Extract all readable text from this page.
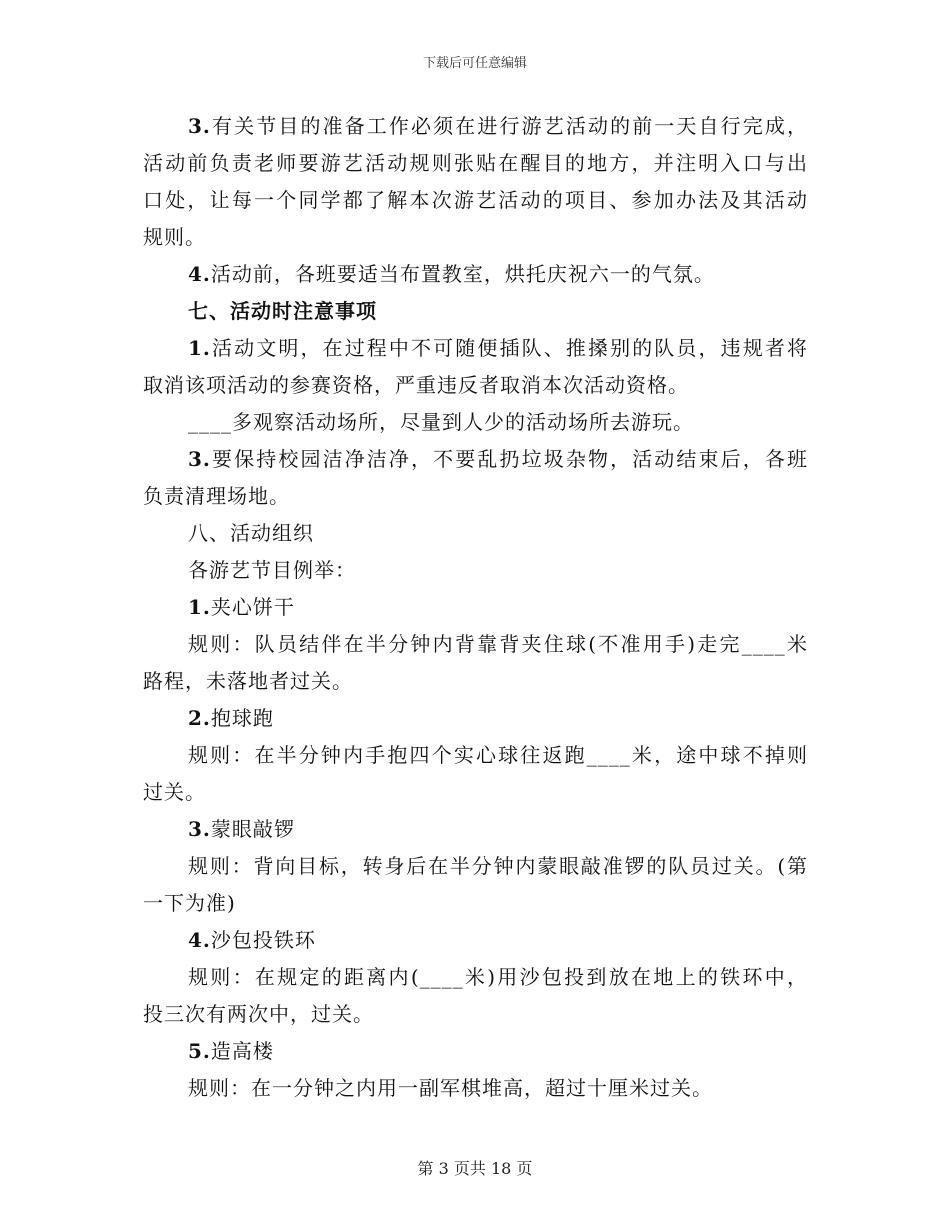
下载后可任意编辑
3.有关节目的准备工作必须在进行游艺活动的前一天自行完成，
活动前负责老师要游艺活动规则张贴在醒目的地方，并注明入口与出
口处，让每一个同学都了解本次游艺活动的项目、参加办法及其活动
规则。
4.活动前，各班要适当布置教室，烘托庆祝六一的气氛。
七、活动时注意事项
1.活动文明，在过程中不可随便插队、推搡别的队员，违规者将
取消该项活动的参赛资格，严重违反者取消本次活动资格。
____多观察活动场所，尽量到人少的活动场所去游玩。
3.要保持校园洁净洁净，不要乱扔垃圾杂物，活动结束后，各班
负责清理场地。
八、活动组织
各游艺节目例举：
1.夹心饼干
规则：队员结伴在半分钟内背靠背夹住球(不准用手)走完____米
路程，未落地者过关。
2.抱球跑
规则：在半分钟内手抱四个实心球往返跑____米，途中球不掉则
过关。
3.蒙眼敲锣
规则：背向目标，转身后在半分钟内蒙眼敲准锣的队员过关。(第
一下为准)
4.沙包投铁环
规则：在规定的距离内(____米)用沙包投到放在地上的铁环中，
投三次有两次中，过关。
5.造高楼
规则：在一分钟之内用一副军棋堆高，超过十厘米过关。
第 3 页共 18 页
